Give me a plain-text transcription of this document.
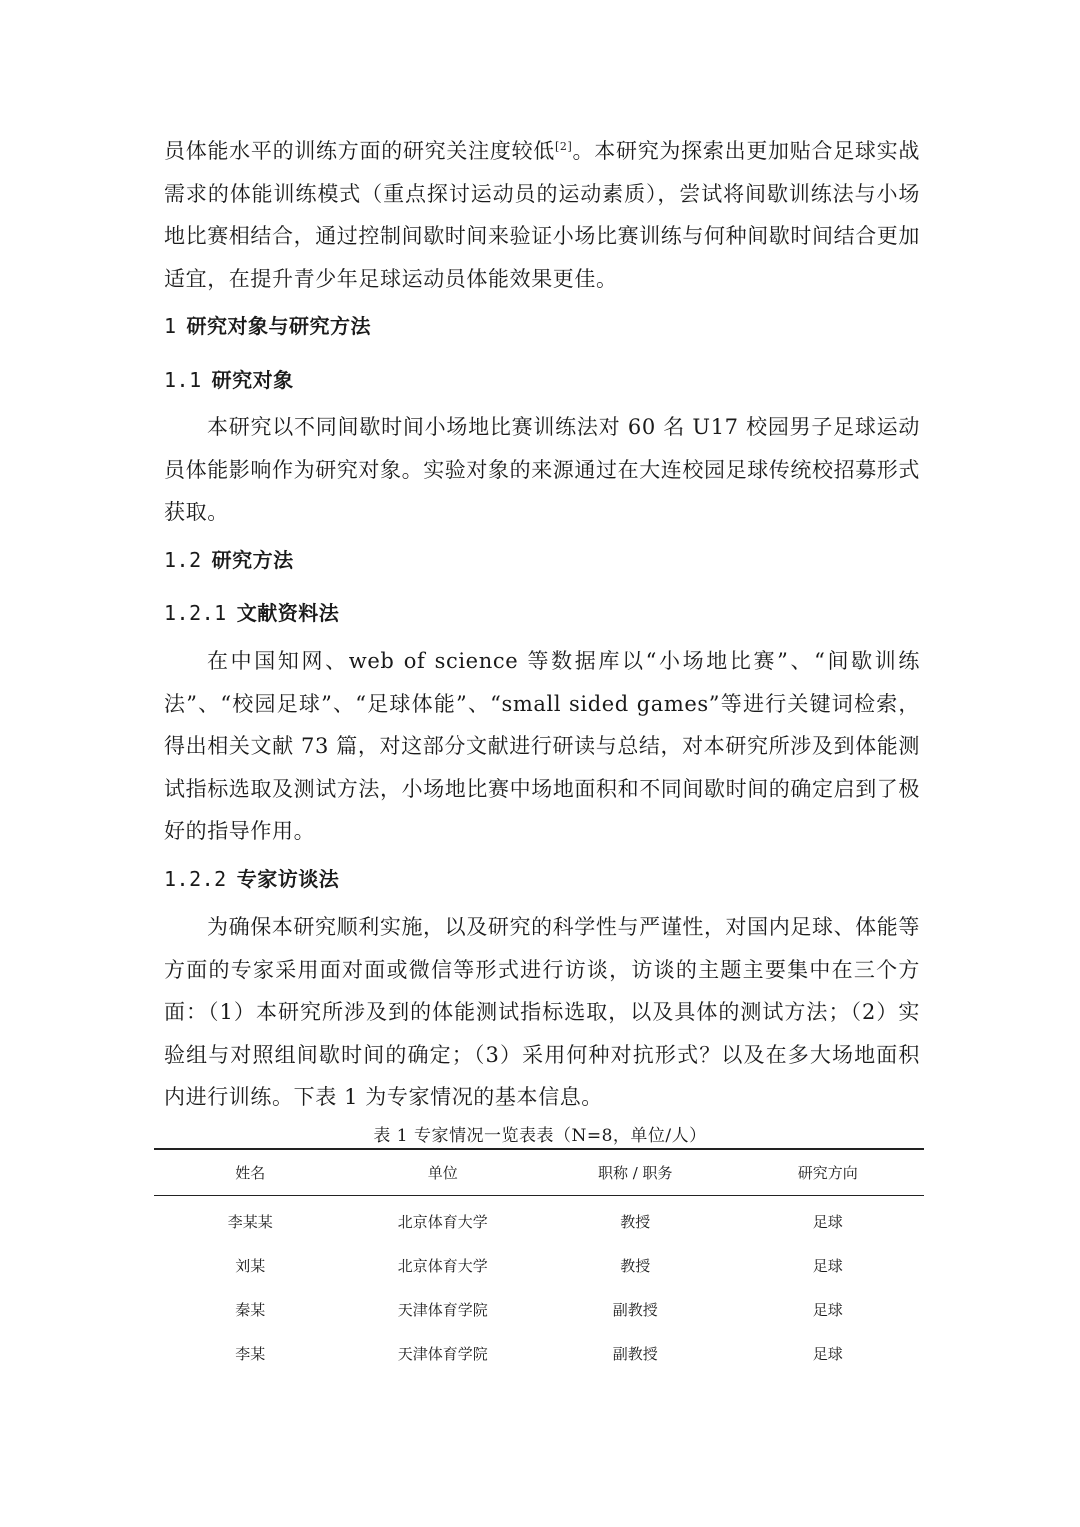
员体能水平的训练方面的研究关注度较低[2]。本研究为探索出更加贴合足球实战需求的体能训练模式（重点探讨运动员的运动素质），尝试将间歇训练法与小场地比赛相结合，通过控制间歇时间来验证小场比赛训练与何种间歇时间结合更加适宜，在提升青少年足球运动员体能效果更佳。

1 研究对象与研究方法
1.1 研究对象

本研究以不同间歇时间小场地比赛训练法对 60 名 U17 校园男子足球运动员体能影响作为研究对象。实验对象的来源通过在大连校园足球传统校招募形式获取。

1.2 研究方法
1.2.1 文献资料法

在中国知网、web of science 等数据库以“小场地比赛”、“间歇训练法”、“校园足球”、“足球体能”、“small sided games”等进行关键词检索，得出相关文献 73 篇，对这部分文献进行研读与总结，对本研究所涉及到体能测试指标选取及测试方法，小场地比赛中场地面积和不同间歇时间的确定启到了极好的指导作用。

1.2.2 专家访谈法

为确保本研究顺利实施，以及研究的科学性与严谨性，对国内足球、体能等方面的专家采用面对面或微信等形式进行访谈，访谈的主题主要集中在三个方面：（1）本研究所涉及到的体能测试指标选取，以及具体的测试方法；（2）实验组与对照组间歇时间的确定；（3）采用何种对抗形式？以及在多大场地面积内进行训练。下表 1 为专家情况的基本信息。

表 1 专家情况一览表表（N=8，单位/人）

姓名	单位	职称 / 职务	研究方向
李某某	北京体育大学	教授	足球
刘某	北京体育大学	教授	足球
秦某	天津体育学院	副教授	足球
李某	天津体育学院	副教授	足球
